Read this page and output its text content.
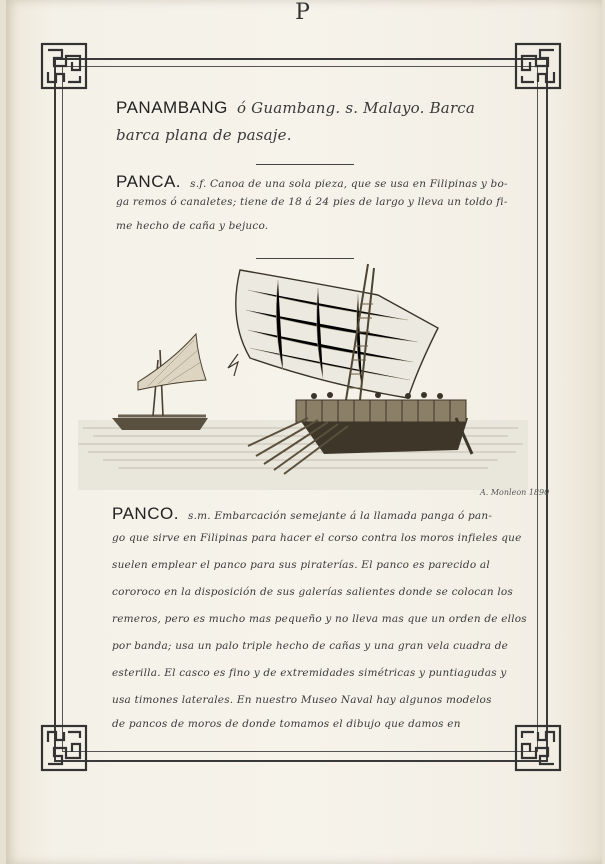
P
PANAMBANG ó Guambang. s. Malayo. Barca
barca plana de pasaje.
PANCA. s.f. Canoa de una sola pieza, que se usa en Filipinas y bo-
ga remos ó canaletes; tiene de 18 á 24 pies de largo y lleva un toldo fi-
me hecho de caña y bejuco.
A. Monleon 1890
PANCO. s.m. Embarcación semejante á la llamada panga ó pan-
go que sirve en Filipinas para hacer el corso contra los moros infieles que
suelen emplear el panco para sus piraterías. El panco es parecido al
cororoco en la disposición de sus galerías salientes donde se colocan los
remeros, pero es mucho mas pequeño y no lleva mas que un orden de ellos
por banda; usa un palo triple hecho de cañas y una gran vela cuadra de
esterilla. El casco es fino y de extremidades simétricas y puntiagudas y
usa timones laterales. En nuestro Museo Naval hay algunos modelos
de pancos de moros de donde tomamos el dibujo que damos en
